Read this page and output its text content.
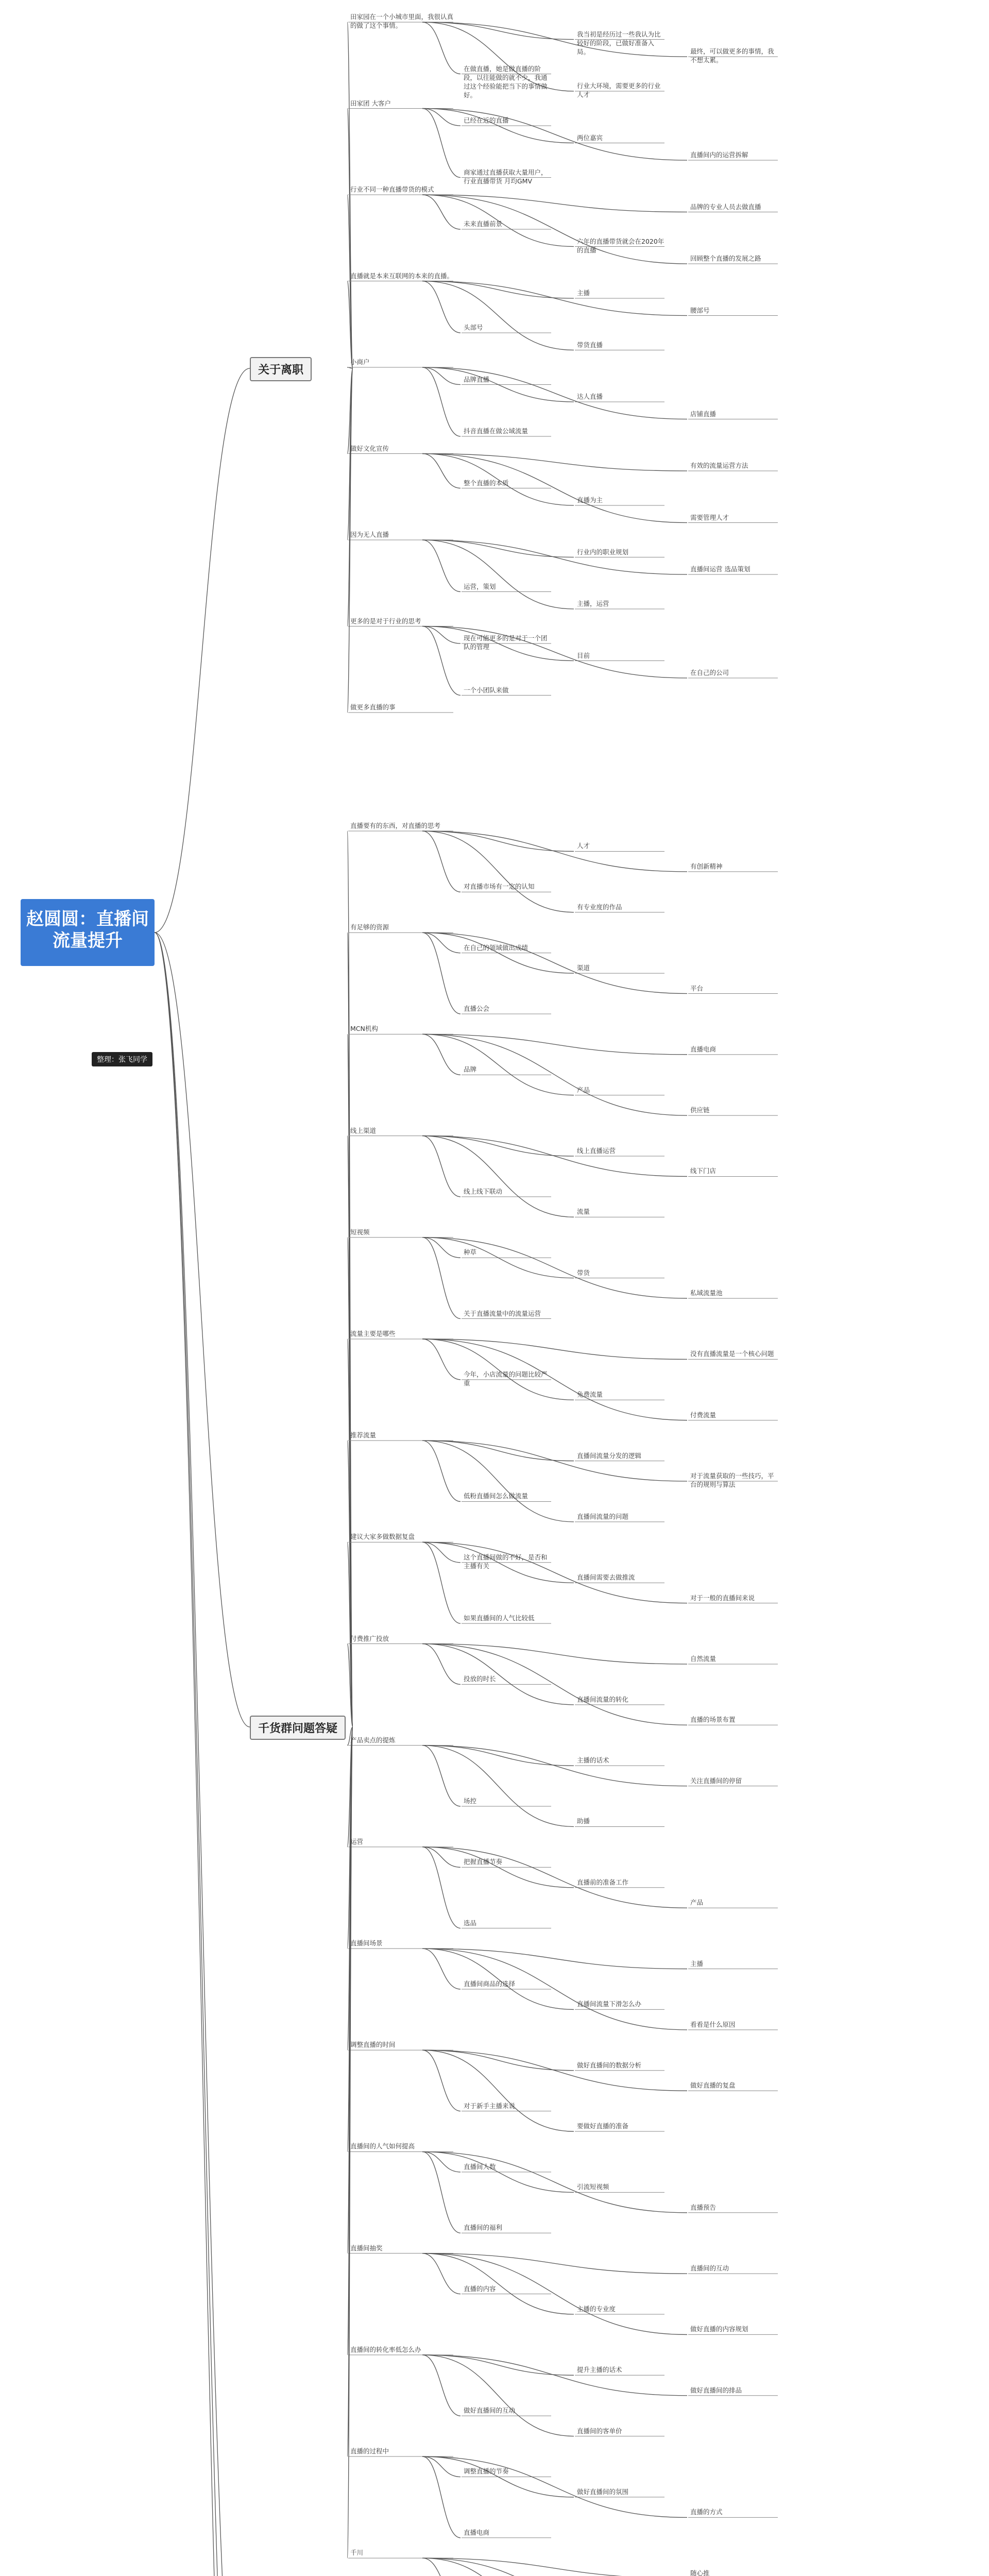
赵圆圆：直播间流量提升
整理：张飞同学
关于离职
千货群问题答疑
田家园在一个小城市里面，我很认真的做了这个事情。
我当初是经历过一些我认为比较好的阶段，已做好准备入局。	最终，可以做更多的事情，我不想太累。
在做直播，她是做直播的阶段，以往能做的就不少，我通过这个经验能把当下的事情做好。
行业大环境，需要更多的行业人才
田家团 大客户
已经在近的直播
两位嘉宾
直播间内的运营拆解
商家通过直播获取大量用户，行业直播带货 月均GMV
行业不同一种直播带货的模式
品牌的专业人员去做直播
未来直播前景
六年的直播带货就会在2020年的直播
回顾整个直播的发展之路
直播就是本来互联网的本来的直播。
主播
腰部号
头部号
带货直播
小商户
品牌直播
达人直播
店铺直播
抖音直播在做公域流量
做好文化宣传
有效的流量运营方法
整个直播的本质
直播为主
需要管理人才
因为无人直播
行业内的职业规划
直播间运营 选品策划
运营，策划
主播，运营
更多的是对于行业的思考
现在可能更多的是对于一个团队的管理
目前
在自己的公司
一个小团队来做
做更多直播的事
直播要有的东西，对直播的思考
人才
有创新精神
对直播市场有一定的认知
有专业度的作品
有足够的资源
在自己的领域做出成绩
渠道
平台
直播公会
MCN机构
直播电商
品牌
产品
供应链
线上渠道
线上直播运营
线下门店
线上线下联动
流量
短视频
种草
带货
私域流量池
关于直播流量中的流量运营
流量主要是哪些
没有直播流量是一个核心问题
今年，小店流量的问题比较严重
免费流量
付费流量
推荐流量
直播间流量分发的逻辑
对于流量获取的一些技巧，平台的规则与算法
低粉直播间怎么做流量
直播间流量的问题
建议大家多做数据复盘
这个直播间做的不好，是否和主播有关
直播间需要去做推流
对于一般的直播间来说
如果直播间的人气比较低
付费推广投放
自然流量
投放的时长
直播间流量的转化
直播的场景布置
产品卖点的提炼
主播的话术
关注直播间的停留
场控
助播
运营
把握直播节奏
直播前的准备工作
产品
选品
直播间场景
主播
直播间商品的选择
直播间流量下滑怎么办
看看是什么原因
调整直播的时间
做好直播间的数据分析
做好直播的复盘
对于新手主播来说
要做好直播的准备
直播间的人气如何提高
直播间人数
引流短视频
直播预告
直播间的福利
直播间抽奖
直播间的互动
直播的内容
主播的专业度
做好直播的内容规划
直播间的转化率低怎么办
提升主播的话术
做好直播间的排品
做好直播间的互动
直播间的客单价
直播的过程中
调整直播的节奏
做好直播间的氛围
直播的方式
直播电商
千川
随心推
